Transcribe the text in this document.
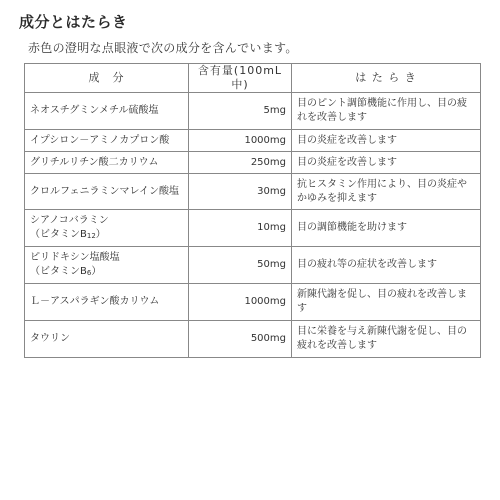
成分とはたらき
赤色の澄明な点眼液で次の成分を含んでいます。
成　分	含有量(100mL中)	は た ら き
ネオスチグミンメチル硫酸塩	5mg	目のピント調節機能に作用し、目の疲れを改善します
イプシロン－アミノカプロン酸	1000mg	目の炎症を改善します
グリチルリチン酸二カリウム	250mg	目の炎症を改善します
クロルフェニラミンマレイン酸塩	30mg	抗ヒスタミン作用により、目の炎症やかゆみを抑えます

シアノコバラミン
（ビタミン$B_{12}$）	10mg	目の調節機能を助けます

ピリドキシン塩酸塩
（ビタミン$B_6$）	50mg	目の疲れ等の症状を改善します
Ｌ－アスパラギン酸カリウム	1000mg	新陳代謝を促し、目の疲れを改善します
タウリン	500mg	目に栄養を与え新陳代謝を促し、目の疲れを改善します
